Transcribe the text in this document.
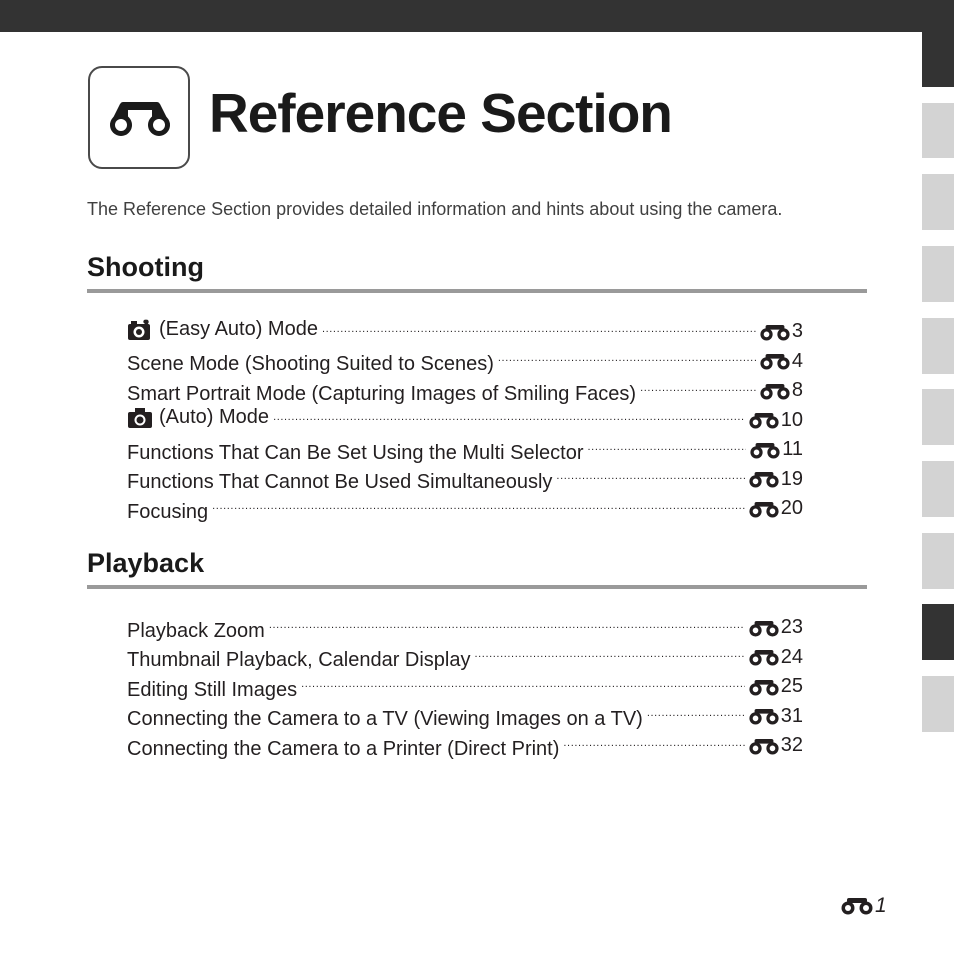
Reference Section
The Reference Section provides detailed information and hints about using the camera.
Shooting
(Easy Auto) Mode .....	3
Scene Mode (Shooting Suited to Scenes) .....	4
Smart Portrait Mode (Capturing Images of Smiling Faces) .....	8
(Auto) Mode .....	10
Functions That Can Be Set Using the Multi Selector .....	11
Functions That Cannot Be Used Simultaneously .....	19
Focusing .....	20
Playback
Playback Zoom .....	23
Thumbnail Playback, Calendar Display .....	24
Editing Still Images .....	25
Connecting the Camera to a TV (Viewing Images on a TV) .....	31
Connecting the Camera to a Printer (Direct Print) .....	32
1
